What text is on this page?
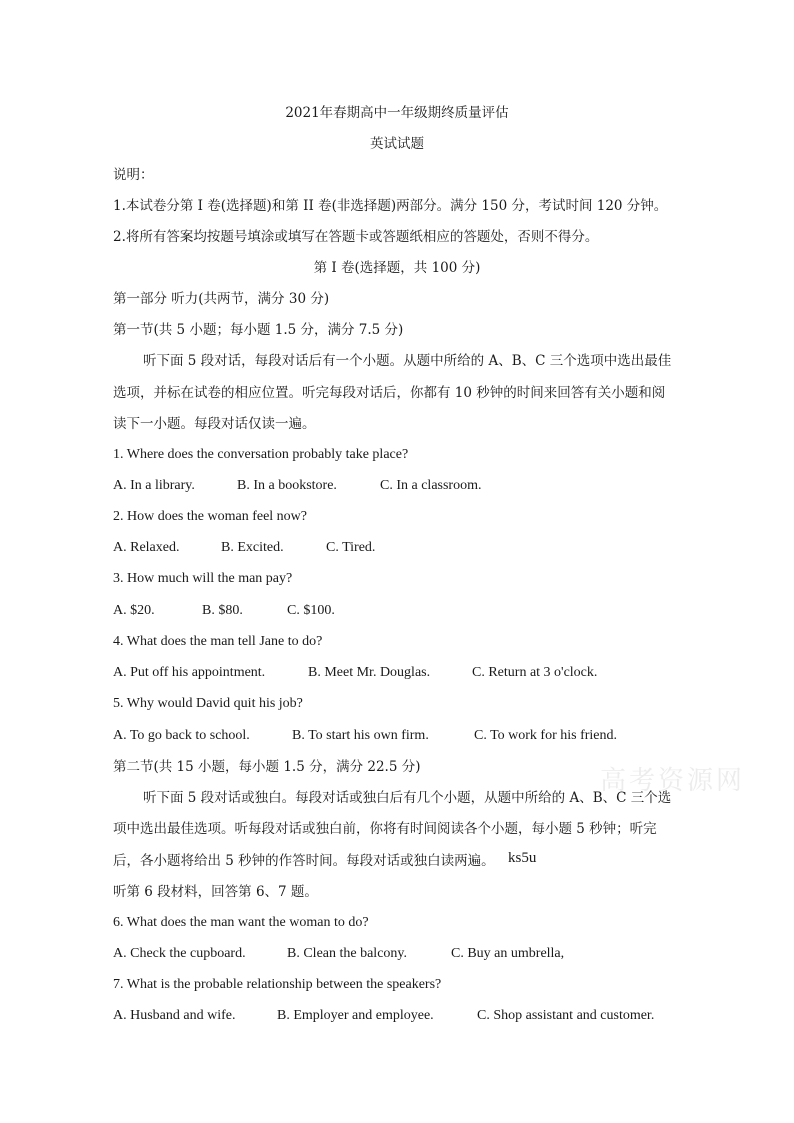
高考资源网
2021年春期高中一年级期终质量评估
英试试题
说明：
1.本试卷分第 I 卷(选择题)和第 II 卷(非选择题)两部分。满分 150 分，考试时间 120 分钟。
2.将所有答案均按题号填涂或填写在答题卡或答题纸相应的答题处，否则不得分。
第 I 卷(选择题，共 100 分)
第一部分 听力(共两节，满分 30 分)
第一节(共 5 小题；每小题 1.5 分，满分 7.5 分)
听下面 5 段对话，每段对话后有一个小题。从题中所给的 A、B、C 三个选项中选出最佳
选项，并标在试卷的相应位置。听完每段对话后，你都有 10 秒钟的时间来回答有关小题和阅
读下一小题。每段对话仅读一遍。
1. Where does the conversation probably take place?
A. In a library.	B. In a bookstore.	C. In a classroom.
2. How does the woman feel now?
A. Relaxed.	B. Excited.	C. Tired.
3. How much will the man pay?
A. $20.	B. $80.	C. $100.
4. What does the man tell Jane to do?
A. Put off his appointment.	B. Meet Mr. Douglas.	C. Return at 3 o'clock.
5. Why would David quit his job?
A. To go back to school.	B. To start his own firm.	C. To work for his friend.
第二节(共 15 小题，每小题 1.5 分，满分 22.5 分)
听下面 5 段对话或独白。每段对话或独白后有几个小题，从题中所给的 A、B、C 三个选
项中选出最佳选项。听每段对话或独白前，你将有时间阅读各个小题，每小题 5 秒钟；听完
后，各小题将给出 5 秒钟的作答时间。每段对话或独白读两遍。 ks5u
听第 6 段材料，回答第 6、7 题。
6. What does the man want the woman to do?
A. Check the cupboard.	B. Clean the balcony.	C. Buy an umbrella,
7. What is the probable relationship between the speakers?
A. Husband and wife.	B. Employer and employee.	C. Shop assistant and customer.
